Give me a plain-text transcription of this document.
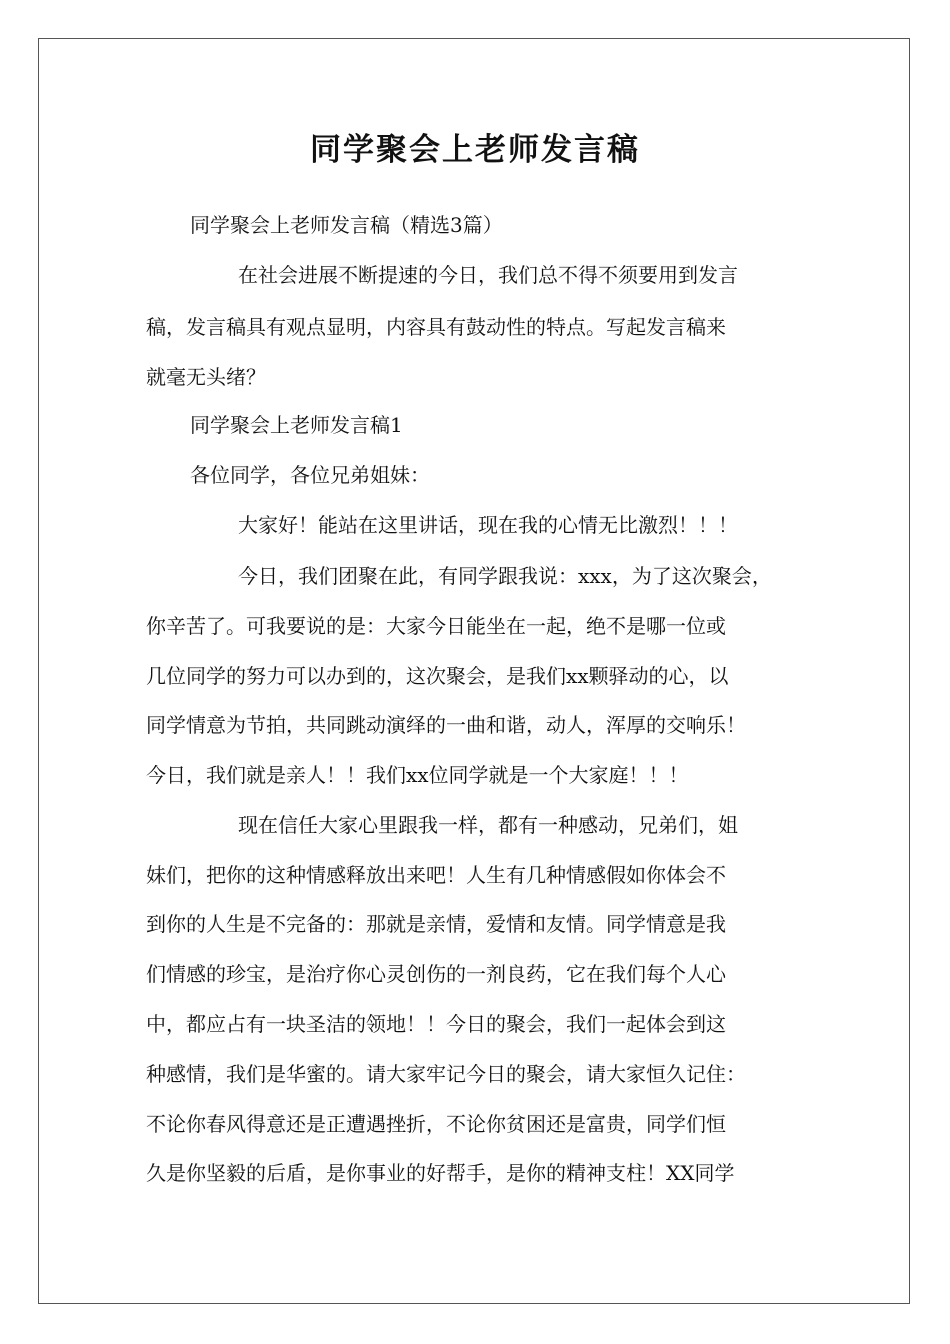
同学聚会上老师发言稿
同学聚会上老师发言稿（精选3篇）
在社会进展不断提速的今日，我们总不得不须要用到发言
稿，发言稿具有观点显明，内容具有鼓动性的特点。写起发言稿来
就毫无头绪？
同学聚会上老师发言稿1
各位同学，各位兄弟姐妹：
大家好！能站在这里讲话，现在我的心情无比激烈！！！
今日，我们团聚在此，有同学跟我说：xxx，为了这次聚会，
你辛苦了。可我要说的是：大家今日能坐在一起，绝不是哪一位或
几位同学的努力可以办到的，这次聚会，是我们xx颗驿动的心，以
同学情意为节拍，共同跳动演绎的一曲和谐，动人，浑厚的交响乐！
今日，我们就是亲人！！我们xx位同学就是一个大家庭！！！
现在信任大家心里跟我一样，都有一种感动，兄弟们，姐
妹们，把你的这种情感释放出来吧！人生有几种情感假如你体会不
到你的人生是不完备的：那就是亲情，爱情和友情。同学情意是我
们情感的珍宝，是治疗你心灵创伤的一剂良药，它在我们每个人心
中，都应占有一块圣洁的领地！！今日的聚会，我们一起体会到这
种感情，我们是华蜜的。请大家牢记今日的聚会，请大家恒久记住：
不论你春风得意还是正遭遇挫折，不论你贫困还是富贵，同学们恒
久是你坚毅的后盾，是你事业的好帮手，是你的精神支柱！XX同学
